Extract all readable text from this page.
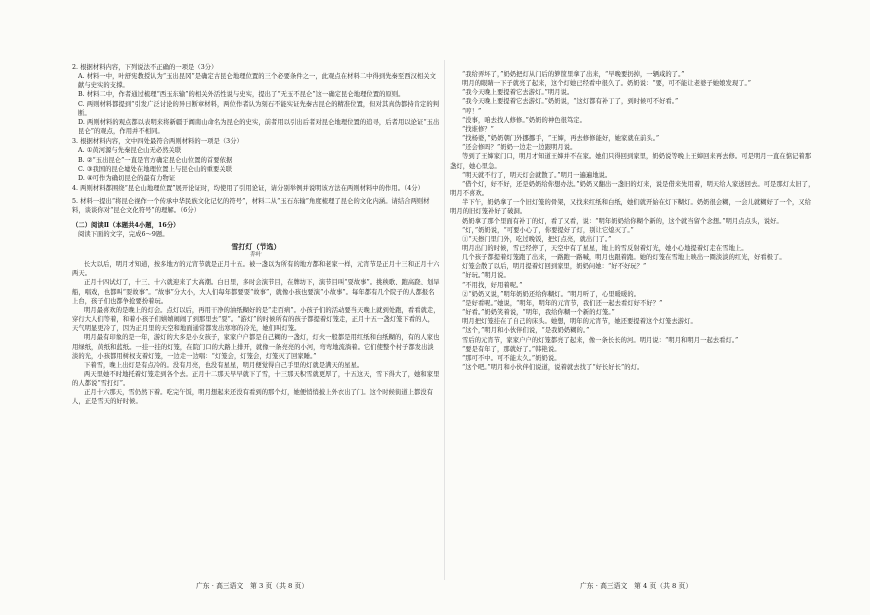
2. 根据材料内容，下列说法不正确的一项是（3分）

A. 材料一中，叶舒宪教授认为“玉出昆冈”是确定古昆仑地理位置的三个必要条件之一，此观点在材料二中得到先秦至西汉相关文献与史实的支撑。

B. 材料二中，作者通过梳理“西玉东输”的相关外活性说与史实，提出了“无玉不昆仑”这一确定昆仑地理位置的原则。

C. 两则材料都提到“引发广泛讨论的异日断章材料，两位作者认为刻石不能实证先秦古昆仑的精准位置，但对其真伪都持肯定的判断。

D. 两则材料的观点都以表明来将新疆于阗南山命名为昆仑的史实，前者用以引出后者对昆仑地理位置的追寻，后者用以论证“玉出昆仑”的观点，作用并不相同。

3. 根据材料内容，文中四处最符合两则材料的一项是（3分）

A. ①黄河源与先秦昆仑山无必然关联

B. ②“玉出昆仑”一直是官方确定昆仑山位置的首要依据

C. ③我国的昆仑墟处在地理位置上与昆仑山的重要关联

D. ④可作为确切昆仑的最有力物证

4. 两则材料都围绕“昆仑山地理位置”展开论证时，均使用了引用论证，请分别举例并说明该方法在两则材料中的作用。（4分）

5. 材料一提出“将昆仑视作一个传承中华民族文化记忆的符号”，材料二从“玉石东输”角度梳理了昆仑的文化内涵。请结合两则材料，谈谈你对“昆仑文化符号”的理解。（6分）

（二）阅读Ⅱ（本题共4小题，16分）

阅读下面的文字，完成6～9题。

雪打灯（节选）

乔叶

长大以后，明月才知道，按多地方的元宵节就是正月十五。被一盏以为所有的地方都和老家一样，元宵节是正月十三和正月十六两天。

正月十四试灯了，十三、十六就迎来了大高潮。白日里，多时会演节目，在牌坊下，演节目叫“耍故事”。挑秧歌、跑高跷、划旱船，唱戏，也都叫“耍故事”。“故事”分大小，大人们每年都要耍“故事”，就像小孩也要演“小故事”。每年都有几个院子的人都报名上台，孩子们也都争抢要扮着玩。

明月最喜欢的是晚上的灯会。点灯以后，再用干净的油纸糊好的是“走百病”。小孩子们的活动要当天晚上就到处跑，看看就走，穿行大人们等着，和着小孩子们嬉嬉闹闹了到那里去“耍”。“游灯”的时候所有的孩子都提着灯笼走，正月十五一盏灯笼下看的人，天气明显更冷了，因为正月里的天空和地面通常都发出寒寒的冷光，她们叫灯笼。

明月最有印象的是一年，游灯的大多是小女孩子，家家户户都是自己糊的一盏灯，灯火一般都是用红纸和白纸糊的，有的人家也用绿纸，黄纸和蓝纸。一挂一挂的灯笼，在院门口的大路上排开，就像一条亮亮的小河，弯弯地流淌着。它们使整个村子都发出淡淡的光，小孩都用树杈支着灯笼，一边走一边唱：“灯笼会，灯笼会，灯笼灭了回家睡。”

下着雪，晚上出灯是有点冷的。没有月亮，也没有星星，明月便觉得自己手里的灯就是满天的星星。

两天里她不时地托着灯笼走到各个去。正月十二那天早早就下了雪，十三那天积雪就更厚了，十五这天，雪下得大了，她和家里的人都说“雪打灯”。

正月十六那天，雪仍然下着。吃完午饭，明月想起来还没有看到的那个灯，她便悄悄披上外衣出了门。这个时候街道上都没有人，正是雪天的好时候。

“我给弄坏了，”奶奶把灯从门后的箩筐里拿了出来，“早晚要扔掉，一辆咸的了。”

明月的眼睛一下子就亮了起来，这个灯她已经看中很久了。奶奶说：“要，可不能让老婆子她娘发现了。”

“我今天晚上要提着它去游灯。”明月说。

“我今天晚上要提着它去游灯。”奶奶说，“这灯都有补丁了，到时候可不好看。”

“哼！”

“没事，咱去找人修修。”奶奶的神色很笃定。

“找谁修？”

“找杨婆，”奶奶朝门外挪挪手，“王婶，再去修修能好，她家就在前头。”

“还会修吗？”奶奶一边走一边跟明月说。

等到了王婶家门口，明月才知道王婶并不在家。她们只得回到家里，奶奶说等晚上王婶回来再去修。可是明月一直在惦记着那盏灯，她心里急。

“明天就不行了，明天灯会就散了。”明月一遍遍地说。

“借个灯，好不好，还是奶奶给你想办法。”奶奶又翻出一盏旧的灯来，说是借来先用着，明天给人家送回去。可是那灯太旧了，明月不喜欢。

半下午，奶奶拿了一个旧灯笼的骨架，又找来红纸和白纸，她们就开始在灯下糊灯。奶奶很会糊，一会儿就糊好了一个，又给明月的旧灯笼补好了破洞。

奶奶拿了那个里面有补丁的灯，看了又看，说：“明年奶奶给你糊个新的，这个就当留个念想。”明月点点头，说好。

“灯，”奶奶说，“可要小心了，你要提好了灯，别让它熄灭了。”

①“天擦门里门外，吃过晚饭，把灯点亮，就出门了。”

明月出门的时候，雪已经停了，天空中有了星星，地上的雪反射着灯光，她小心地提着灯走在雪地上。

几个孩子都提着灯笼跑了出来，一路跑一路喊，明月也跟着跑。她的灯笼在雪地上映出一圈淡淡的红光，好看极了。

灯笼会散了以后，明月提着灯回到家里，奶奶问她：“好不好玩？”

“好玩。”明月说。

“不用找，好用着呢。”

②“奶奶又说，”明年奶奶还给你糊灯。“明月听了，心里暖暖的。

“是好看呢。”她说，“明年，明年的元宵节，我们还一起去看灯好不好？”

“好看。”奶奶笑着说，“明年，我给你糊一个新的灯笼。”

明月把灯笼挂在了自己的床头。她想，明年的元宵节，她还要提着这个灯笼去游灯。

“这个，”明月和小伙伴们说，“是我奶奶糊的。”

雪后的元宵节，家家户户的灯笼都亮了起来，像一条长长的河。明月说：“明月和明月一起去看灯。”

“要是有年了，那就好了。”韩艳说。

“那可不中。可不能太久。”奶奶说。

“这个吧。”明月和小伙伴们说道，说着就去找了“好长好长”的灯。

广东 · 高三语文　第 3 页（共 8 页）	广东 · 高三语文　第 4 页（共 8 页）
